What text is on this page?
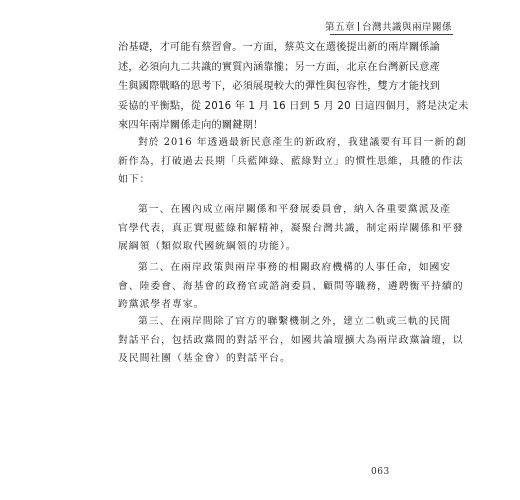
第五章 台灣共識與兩岸關係
治基礎，才可能有蔡習會。一方面，蔡英文在選後提出新的兩岸關係論
述，必須向九二共識的實質內涵靠攏；另一方面，北京在台灣新民意產
生與國際戰略的思考下，必須展現較大的彈性與包容性，雙方才能找到
妥協的平衡點，從 2016 年 1 月 16 日到 5 月 20 日這四個月，將是決定未
來四年兩岸關係走向的關鍵期！
對於 2016 年透過最新民意產生的新政府，我建議要有耳目一新的創
新作為，打破過去長期「兵藍陣綠、藍綠對立」的慣性思維，具體的作法
如下：
第一、在國內成立兩岸關係和平發展委員會，納入各重要黨派及產
官學代表，真正實現藍綠和解精神，凝聚台灣共識，制定兩岸關係和平發
展綱領（類似取代國統綱領的功能）。
第二、在兩岸政策與兩岸事務的相關政府機構的人事任命，如國安
會、陸委會、海基會的政務官或諮詢委員、顧問等職務，遴聘衡平持續的
跨黨派學者專家。
第三、在兩岸間除了官方的聯繫機制之外，建立二軌或三軌的民間
對話平台，包括政黨間的對話平台，如國共論壇擴大為兩岸政黨論壇，以
及民間社團（基金會）的對話平台。
063
